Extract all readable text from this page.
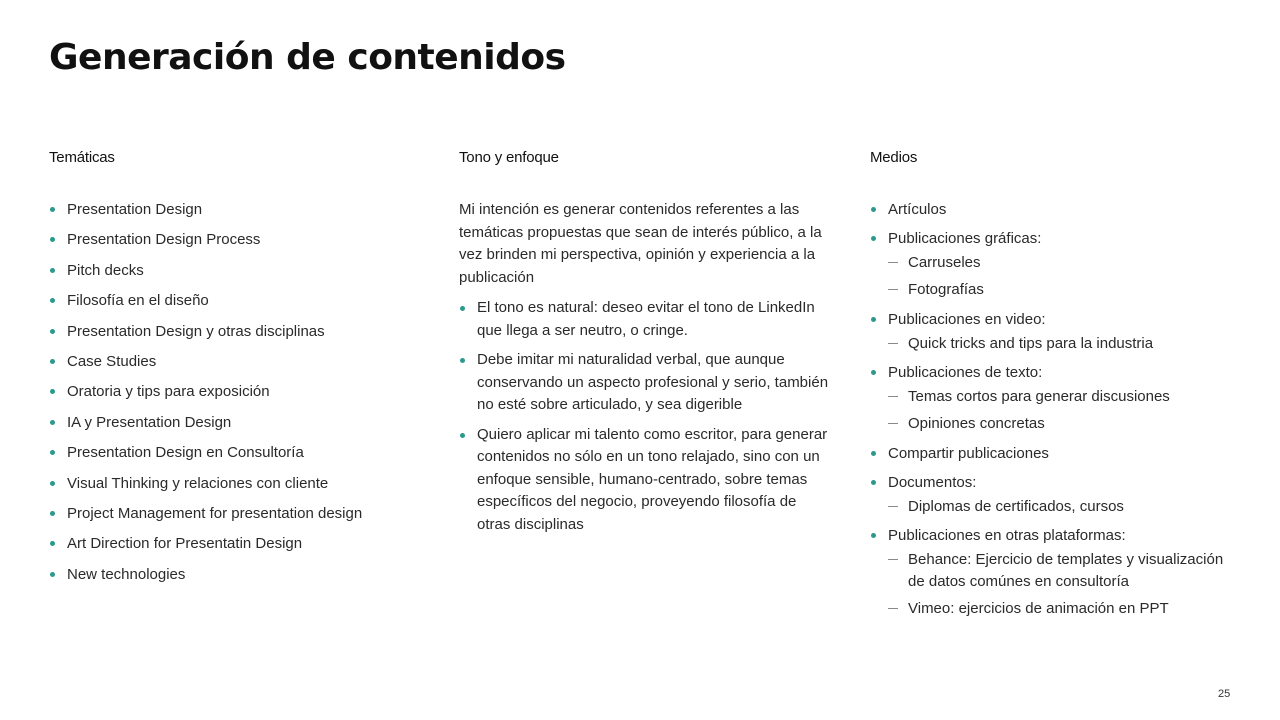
Generación de contenidos
Temáticas
Presentation Design
Presentation Design Process
Pitch decks
Filosofía en el diseño
Presentation Design y otras disciplinas
Case Studies
Oratoria y tips para exposición
IA y Presentation Design
Presentation Design en Consultoría
Visual Thinking y relaciones con cliente
Project Management for presentation design
Art Direction for Presentatin Design
New technologies
Tono y enfoque

Mi intención es generar contenidos referentes a las temáticas propuestas que sean de interés público, a la vez brinden mi perspectiva, opinión y experiencia a la publicación

El tono es natural: deseo evitar el tono de LinkedIn que llega a ser neutro, o cringe.
Debe imitar mi naturalidad verbal, que aunque conservando un aspecto profesional y serio, también no esté sobre articulado, y sea digerible
Quiero aplicar mi talento como escritor, para generar contenidos no sólo en un tono relajado, sino con un enfoque sensible, humano-centrado, sobre temas específicos del negocio, proveyendo filosofía de otras disciplinas
Medios
Artículos
Publicaciones gráficas:
Carruseles
Fotografías
Publicaciones en video:
Quick tricks and tips para la industria
Publicaciones de texto:
Temas cortos para generar discusiones
Opiniones concretas
Compartir publicaciones
Documentos:
Diplomas de certificados, cursos
Publicaciones en otras plataformas:
Behance: Ejercicio de templates y visualización de datos comúnes en consultoría
Vimeo: ejercicios de animación en PPT
25
